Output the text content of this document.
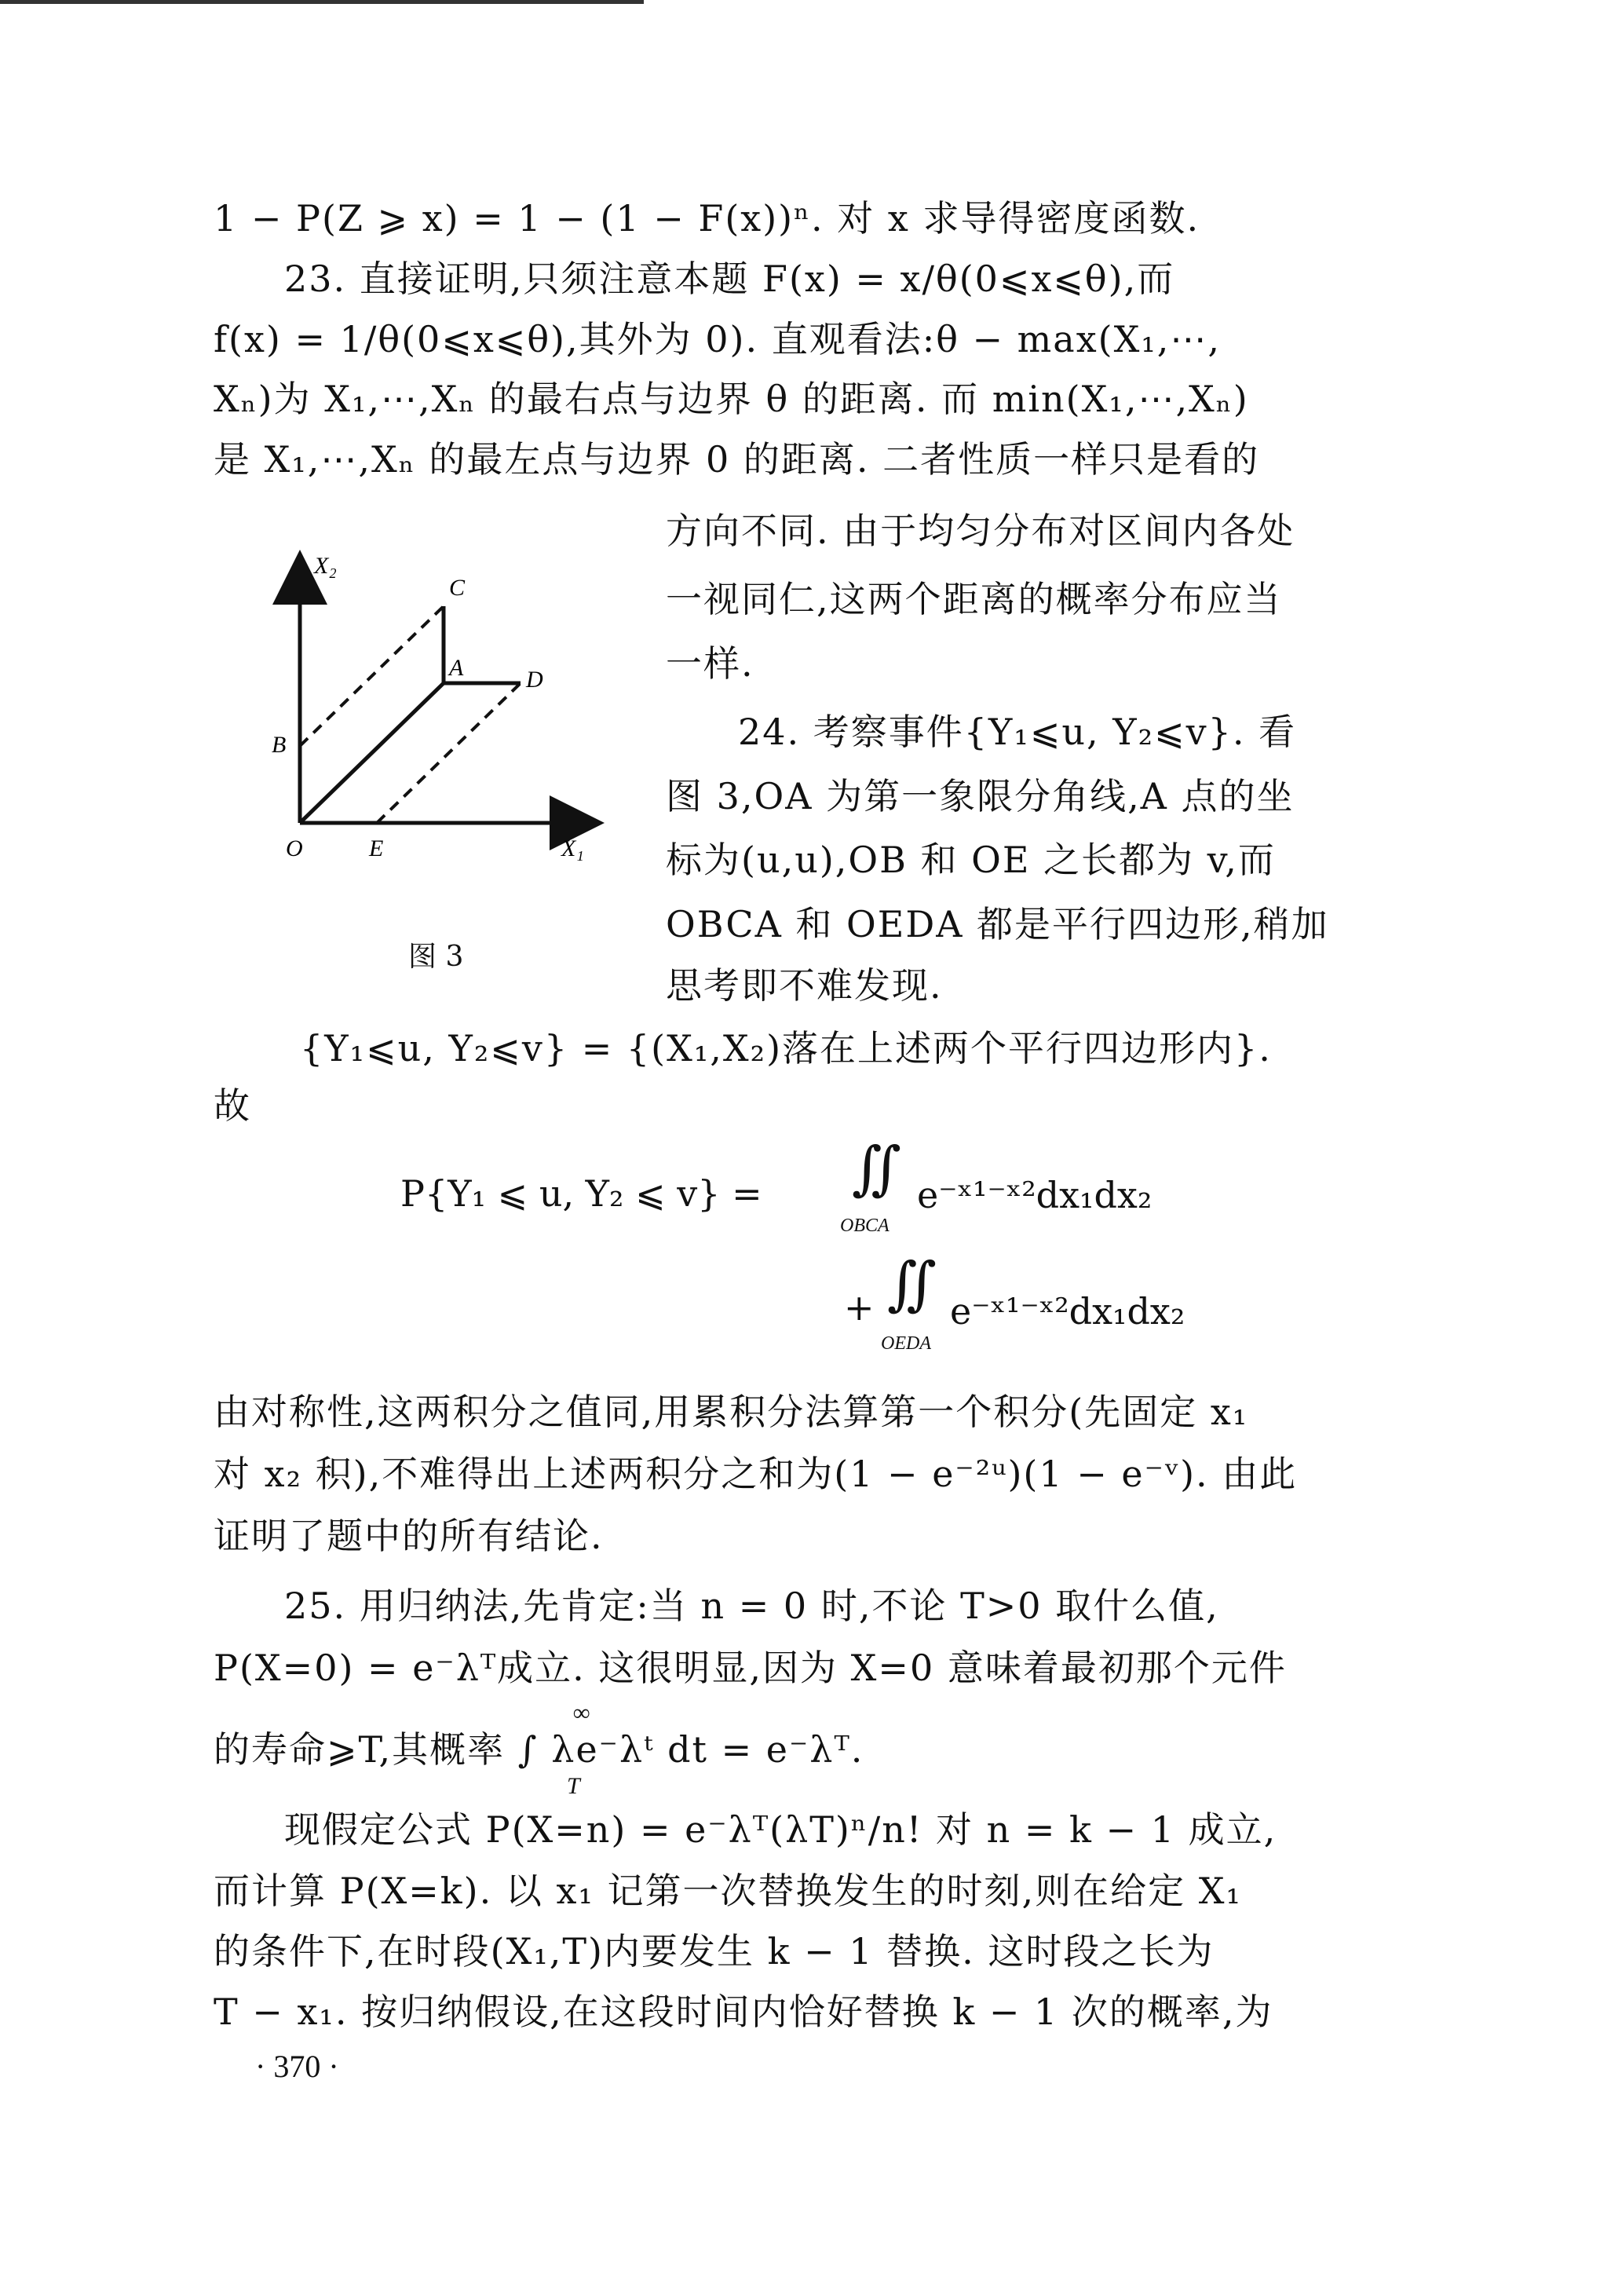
1 − P(Z ⩾ x) = 1 − (1 − F(x))ⁿ. 对 x 求导得密度函数.
23. 直接证明,只须注意本题 F(x) = x/θ(0⩽x⩽θ),而
f(x) = 1/θ(0⩽x⩽θ),其外为 0). 直观看法:θ − max(X₁,⋯,
Xₙ)为 X₁,⋯,Xₙ 的最右点与边界 θ 的距离. 而 min(X₁,⋯,Xₙ)
是 X₁,⋯,Xₙ 的最左点与边界 0 的距离. 二者性质一样只是看的
方向不同. 由于均匀分布对区间内各处
一视同仁,这两个距离的概率分布应当
一样.
24. 考察事件{Y₁⩽u, Y₂⩽v}. 看
图 3,OA 为第一象限分角线,A 点的坐
标为(u,u),OB 和 OE 之长都为 v,而
OBCA 和 OEDA 都是平行四边形,稍加
思考即不难发现.
X₂
C
A	D
B
O	E	X₁
图 3
{Y₁⩽u, Y₂⩽v} = {(X₁,X₂)落在上述两个平行四边形内}.
故
P{Y₁ ⩽ u, Y₂ ⩽ v} = ∬ e⁻ˣ¹⁻ˣ²dx₁dx₂
OBCA
+ ∬ e⁻ˣ¹⁻ˣ²dx₁dx₂
OEDA
由对称性,这两积分之值同,用累积分法算第一个积分(先固定 x₁
对 x₂ 积),不难得出上述两积分之和为(1 − e⁻²ᵘ)(1 − e⁻ᵛ). 由此
证明了题中的所有结论.
25. 用归纳法,先肯定:当 n = 0 时,不论 T>0 取什么值,
P(X=0) = e⁻λᵀ成立. 这很明显,因为 X=0 意味着最初那个元件
的寿命⩾T,其概率 ∫ λe⁻λᵗ dt = e⁻λᵀ.
∞
T
现假定公式 P(X=n) = e⁻λᵀ(λT)ⁿ/n! 对 n = k − 1 成立,
而计算 P(X=k). 以 x₁ 记第一次替换发生的时刻,则在给定 X₁
的条件下,在时段(X₁,T)内要发生 k − 1 替换. 这时段之长为
T − x₁. 按归纳假设,在这段时间内恰好替换 k − 1 次的概率,为
· 370 ·
